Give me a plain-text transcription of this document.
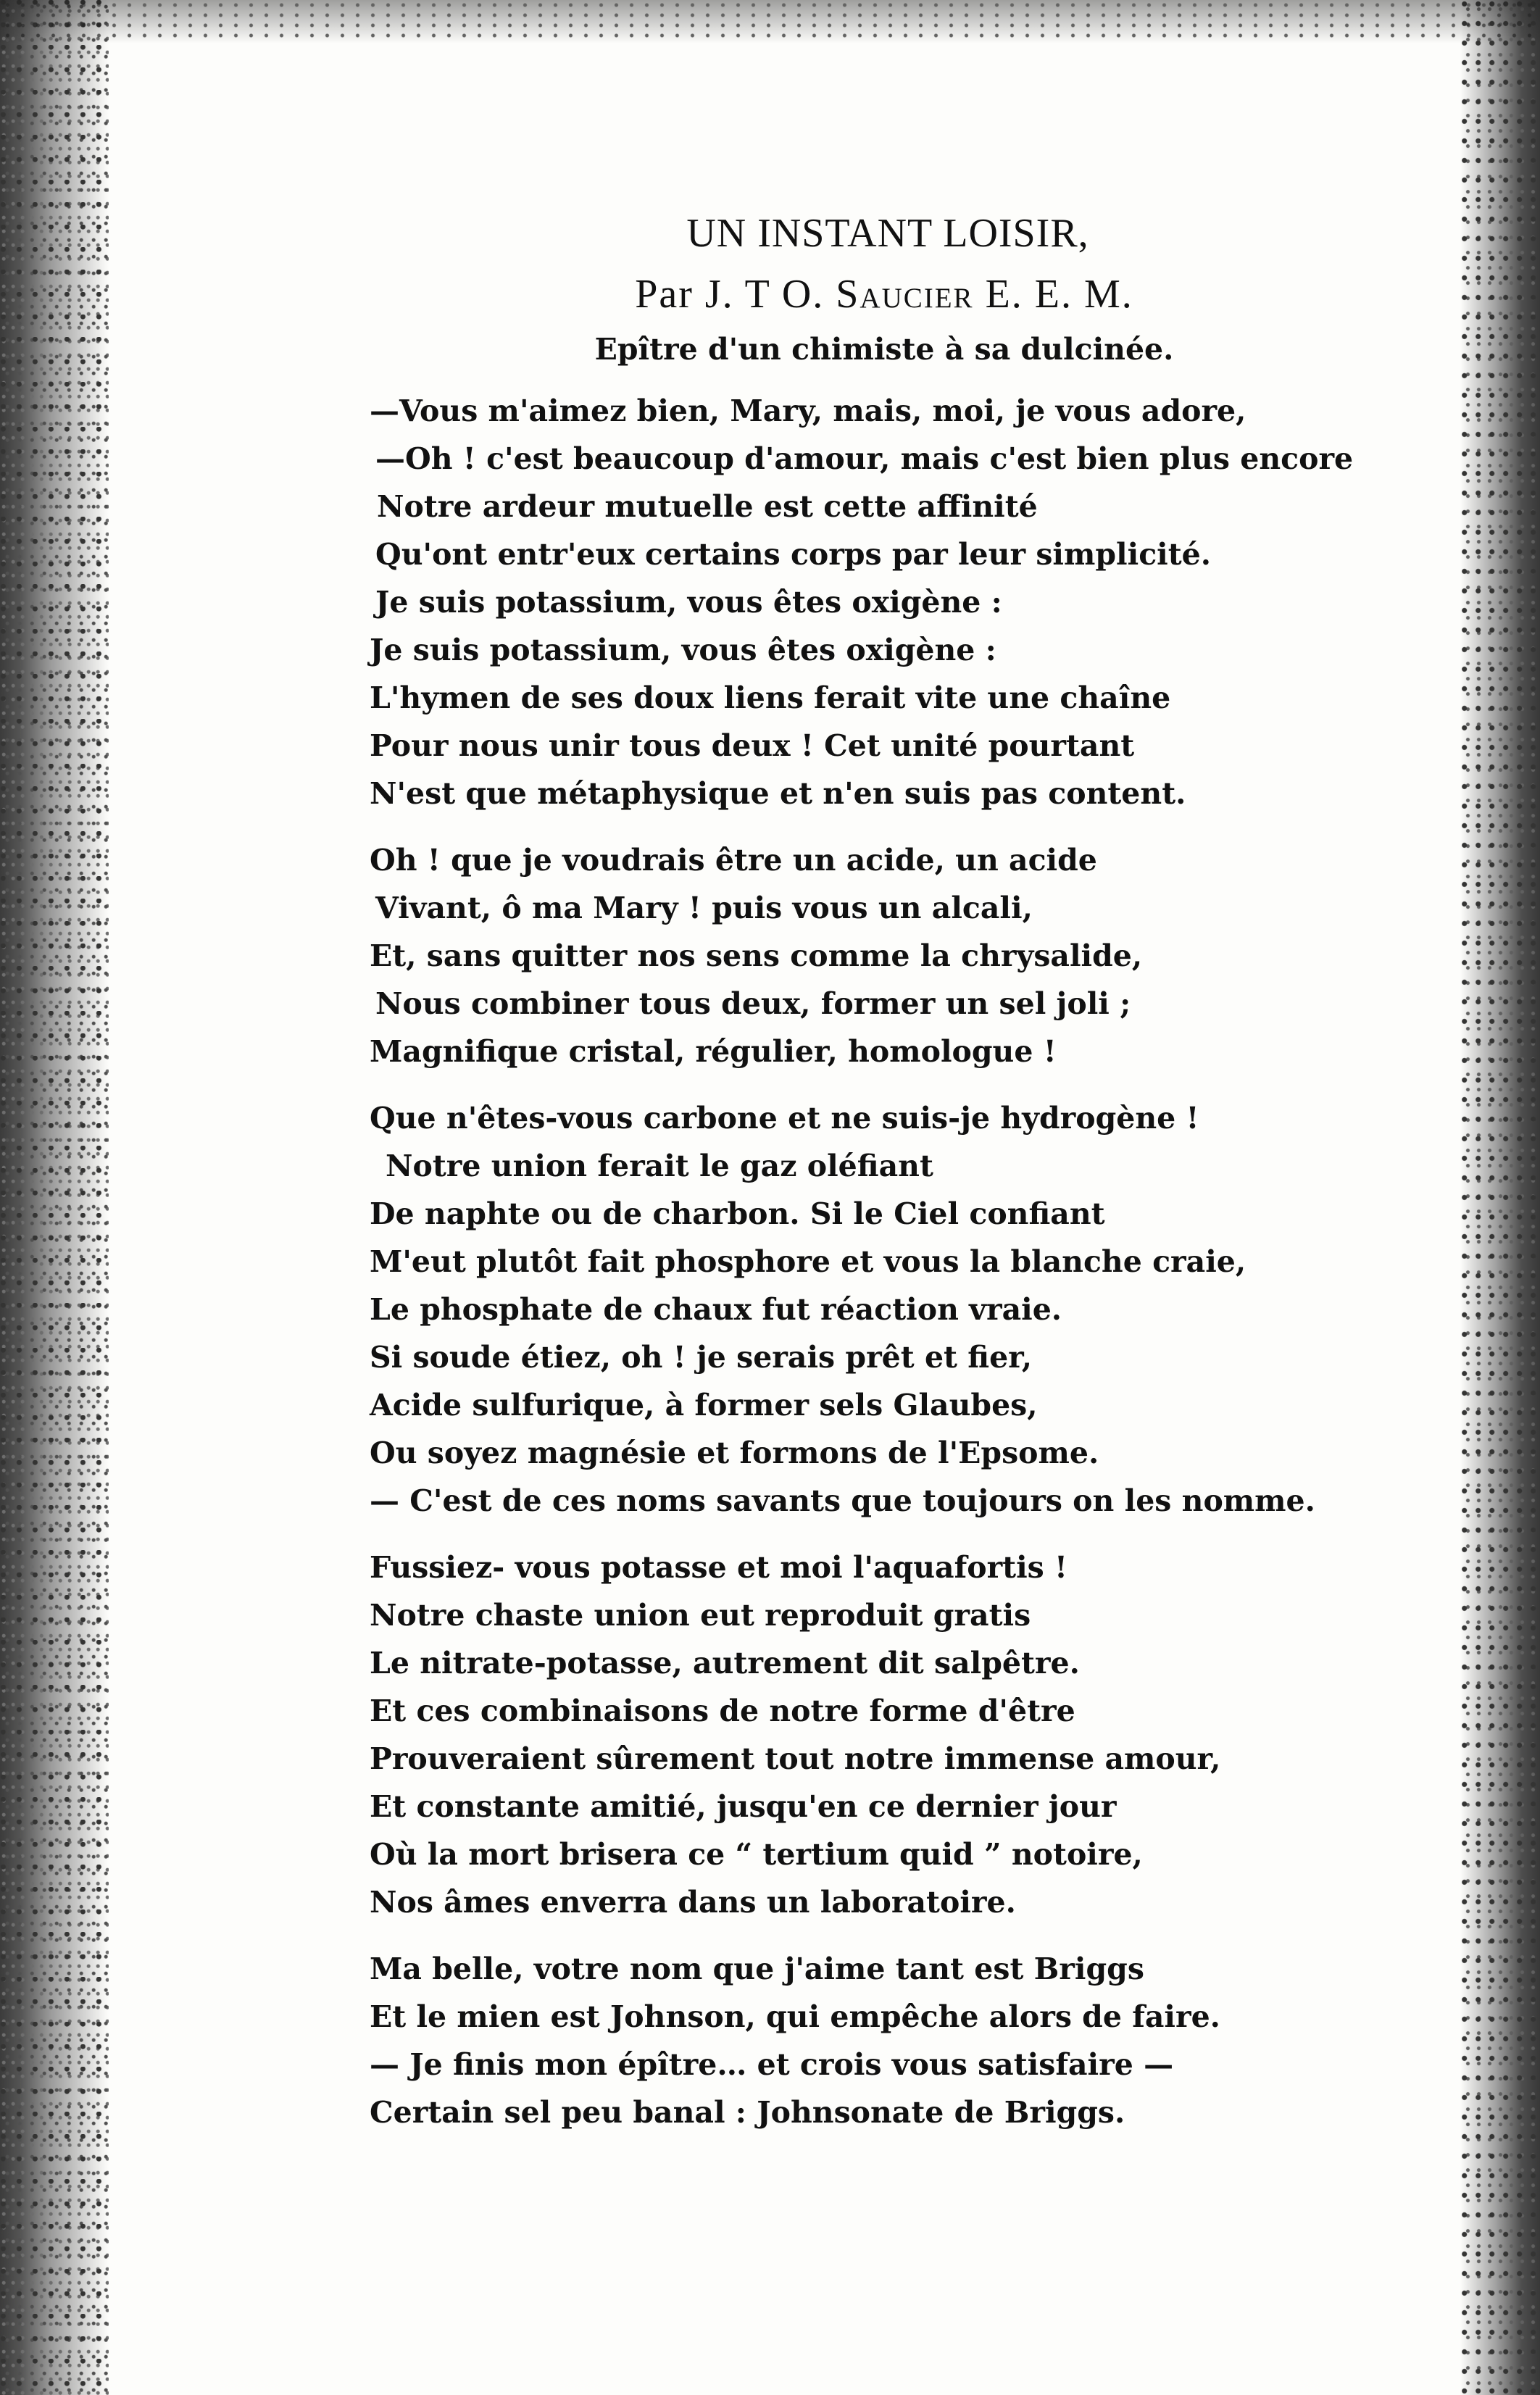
UN INSTANT LOISIR,
Par J. T O. Saucier E. E. M.
Epître d'un chimiste à sa dulcinée.
—Vous m'aimez bien, Mary, mais, moi, je vous adore,
—Oh ! c'est beaucoup d'amour, mais c'est bien plus encore
Notre ardeur mutuelle est cette affinité
Qu'ont entr'eux certains corps par leur simplicité.
Je suis potassium, vous êtes oxigène :
Je suis potassium, vous êtes oxigène :
L'hymen de ses doux liens ferait vite une chaîne
Pour nous unir tous deux ! Cet unité pourtant
N'est que métaphysique et n'en suis pas content.
Oh ! que je voudrais être un acide, un acide
Vivant, ô ma Mary ! puis vous un alcali,
Et, sans quitter nos sens comme la chrysalide,
Nous combiner tous deux, former un sel joli ;
Magnifique cristal, régulier, homologue !
Que n'êtes-vous carbone et ne suis-je hydrogène !
Notre union ferait le gaz oléfiant
De naphte ou de charbon. Si le Ciel confiant
M'eut plutôt fait phosphore et vous la blanche craie,
Le phosphate de chaux fut réaction vraie.
Si soude étiez, oh ! je serais prêt et fier,
Acide sulfurique, à former sels Glaubes,
Ou soyez magnésie et formons de l'Epsome.
— C'est de ces noms savants que toujours on les nomme.
Fussiez- vous potasse et moi l'aquafortis !
Notre chaste union eut reproduit gratis
Le nitrate-potasse, autrement dit salpêtre.
Et ces combinaisons de notre forme d'être
Prouveraient sûrement tout notre immense amour,
Et constante amitié, jusqu'en ce dernier jour
Où la mort brisera ce “ tertium quid ” notoire,
Nos âmes enverra dans un laboratoire.
Ma belle, votre nom que j'aime tant est Briggs
Et le mien est Johnson, qui empêche alors de faire.
— Je finis mon épître… et crois vous satisfaire —
Certain sel peu banal : Johnsonate de Briggs.
